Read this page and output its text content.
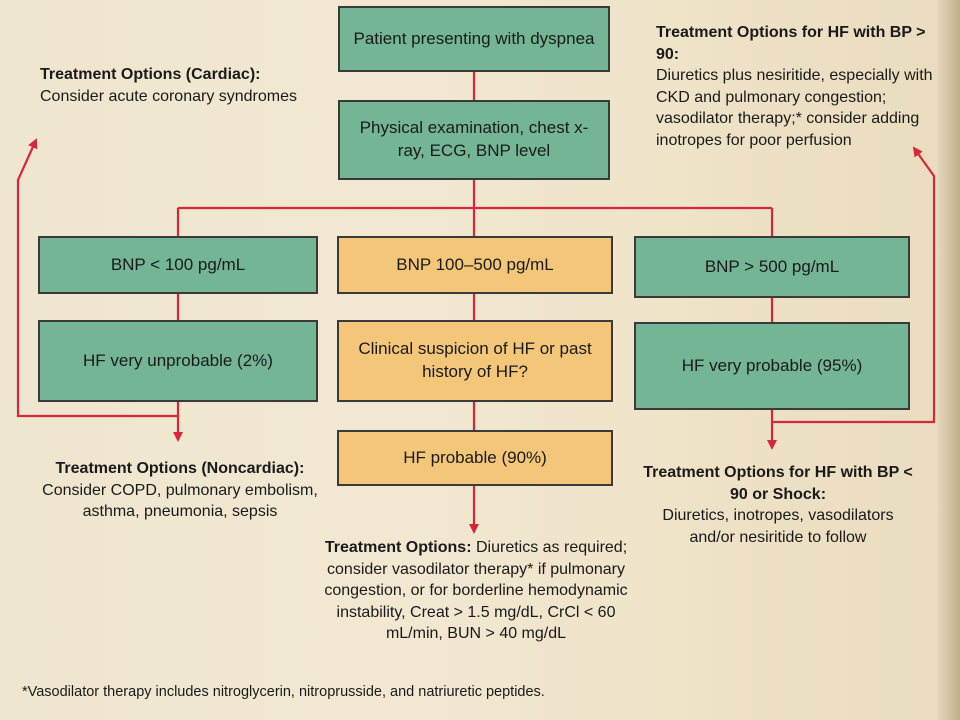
Patient presenting with dyspnea
Physical examination, chest x-ray, ECG, BNP level
BNP < 100 pg/mL	BNP 100–500 pg/mL	BNP > 500 pg/mL
HF very unprobable (2%)
Clinical suspicion of HF or past history of HF?	HF very probable (95%)
HF probable (90%)
Treatment Options (Cardiac):
Consider acute coronary syndromes
Treatment Options for HF with BP > 90:
Diuretics plus nesiritide, especially with CKD and pulmonary congestion; vasodilator therapy;* consider adding inotropes for poor perfusion
Treatment Options (Noncardiac):
Consider COPD, pulmonary embolism, asthma, pneumonia, sepsis
Treatment Options for HF with BP < 90 or Shock:
Diuretics, inotropes, vasodilators and/or nesiritide to follow
Treatment Options: Diuretics as required; consider vasodilator therapy* if pulmonary congestion, or for borderline hemodynamic instability, Creat > 1.5 mg/dL, CrCl < 60 mL/min, BUN > 40 mg/dL
*Vasodilator therapy includes nitroglycerin, nitroprusside, and natriuretic peptides.
